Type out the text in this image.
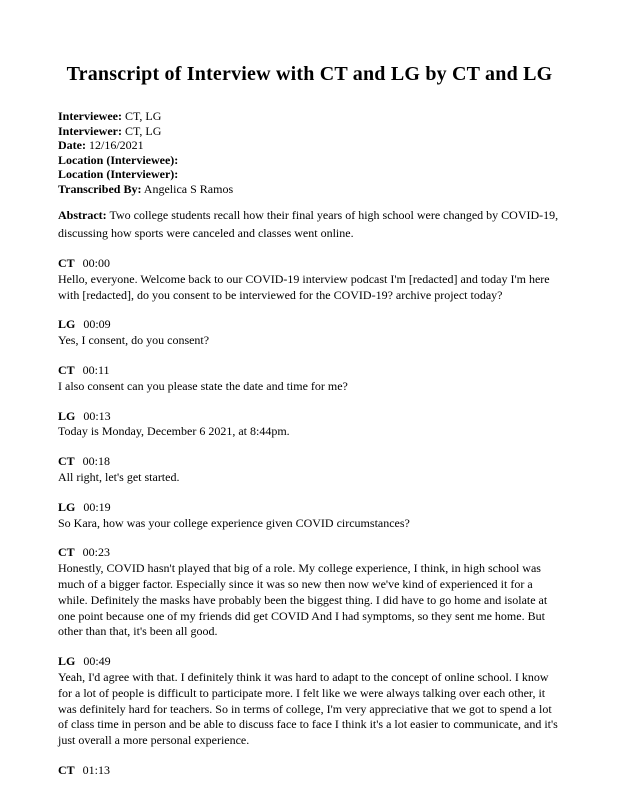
Transcript of Interview with CT and LG by CT and LG
Interviewee: CT, LG
Interviewer: CT, LG
Date: 12/16/2021
Location (Interviewee):
Location (Interviewer):
Transcribed By: Angelica S Ramos

Abstract: Two college students recall how their final years of high school were changed by COVID-19, discussing how sports were canceled and classes went online.

CT 00:00

Hello, everyone. Welcome back to our COVID-19 interview podcast I'm [redacted] and today I'm here with [redacted], do you consent to be interviewed for the COVID-19? archive project today?

LG 00:09

Yes, I consent, do you consent?

CT 00:11

I also consent can you please state the date and time for me?

LG 00:13

Today is Monday, December 6 2021, at 8:44pm.

CT 00:18

All right, let's get started.

LG 00:19

So Kara, how was your college experience given COVID circumstances?

CT 00:23

Honestly, COVID hasn't played that big of a role. My college experience, I think, in high school was much of a bigger factor. Especially since it was so new then now we've kind of experienced it for a while. Definitely the masks have probably been the biggest thing. I did have to go home and isolate at one point because one of my friends did get COVID And I had symptoms, so they sent me home. But other than that, it's been all good.

LG 00:49

Yeah, I'd agree with that. I definitely think it was hard to adapt to the concept of online school. I know for a lot of people is difficult to participate more. I felt like we were always talking over each other, it was definitely hard for teachers. So in terms of college, I'm very appreciative that we got to spend a lot of class time in person and be able to discuss face to face I think it's a lot easier to communicate, and it's just overall a more personal experience.

CT 01:13
